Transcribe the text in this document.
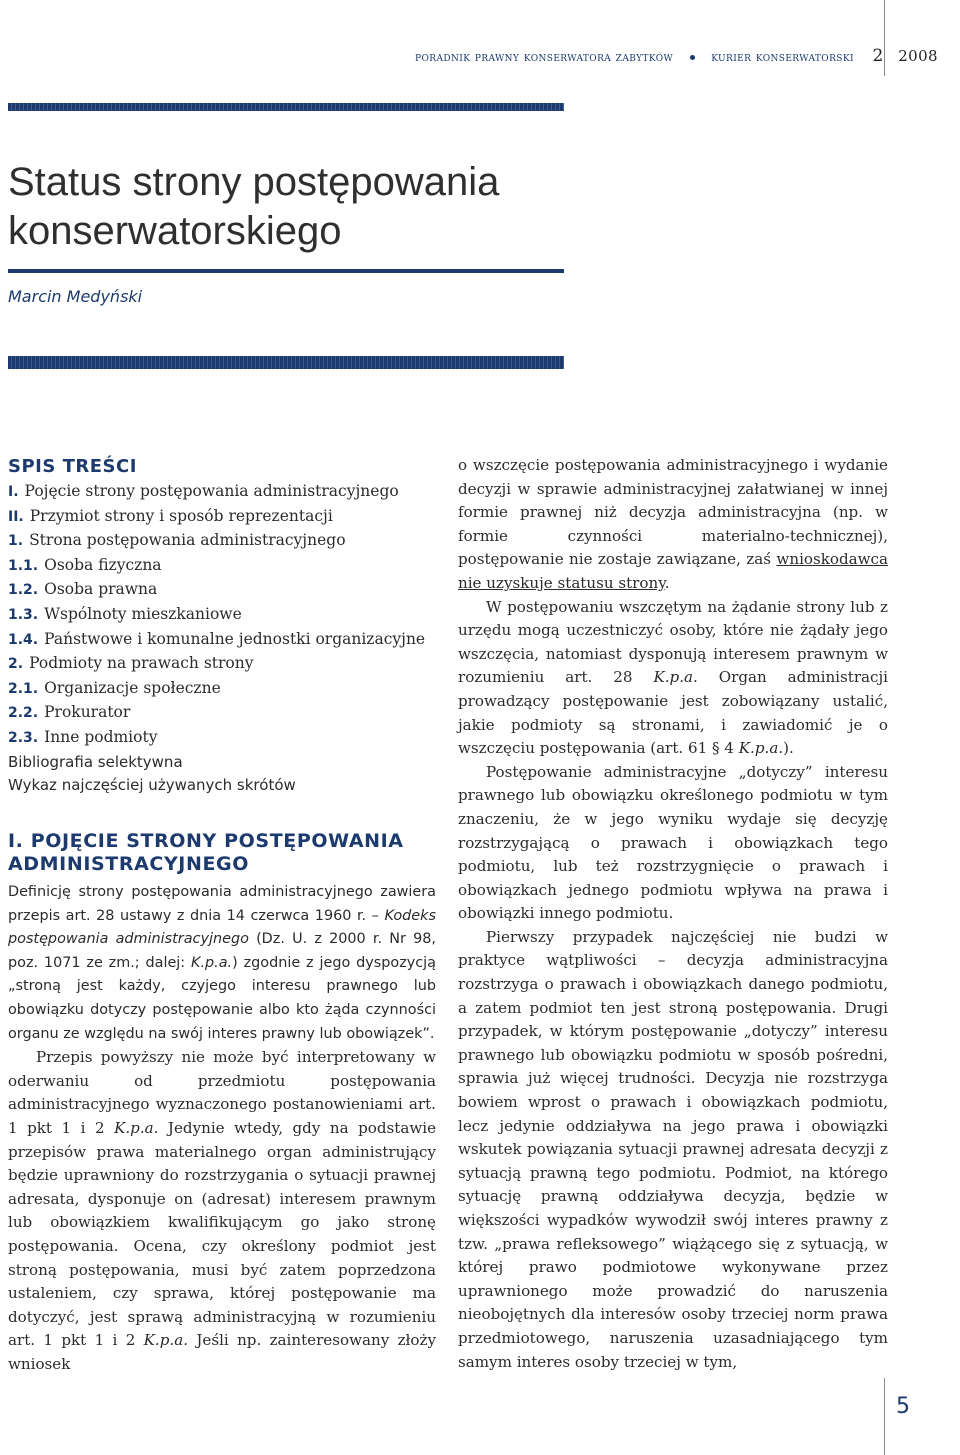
poradnik prawny konserwatora zabytków	kurier konserwatorski 2 2008
Status strony postępowania
konserwatorskiego
Marcin Medyński
SPIS TREŚCI
I. Pojęcie strony postępowania administracyjnego
II. Przymiot strony i sposób reprezentacji
1. Strona postępowania administracyjnego
1.1. Osoba fizyczna
1.2. Osoba prawna
1.3. Wspólnoty mieszkaniowe
1.4. Państwowe i komunalne jednostki organizacyjne
2. Podmioty na prawach strony
2.1. Organizacje społeczne
2.2. Prokurator
2.3. Inne podmioty
Bibliografia selektywna
Wykaz najczęściej używanych skrótów
I. POJĘCIE STRONY POSTĘPOWANIA
ADMINISTRACYJNEGO

Definicję strony postępowania administracyjnego zawiera przepis art. 28 ustawy z dnia 14 czerwca 1960 r. – Kodeks postępowania administracyjnego (Dz. U. z 2000 r. Nr 98, poz. 1071 ze zm.; dalej: K.p.a.) zgodnie z jego dyspozycją „stroną jest każdy, czyjego interesu prawnego lub obowiązku dotyczy postępowanie albo kto żąda czynności organu ze względu na swój interes prawny lub obowiązek”.

Przepis powyższy nie może być interpretowany w oderwaniu od przedmiotu postępowania administracyjnego wyznaczonego postanowieniami art. 1 pkt 1 i 2 K.p.a. Jedynie wtedy, gdy na podstawie przepisów prawa materialnego organ administrujący będzie uprawniony do rozstrzygania o sytuacji prawnej adresata, dysponuje on (adresat) interesem prawnym lub obowiązkiem kwalifikującym go jako stronę postępowania. Ocena, czy określony podmiot jest stroną postępowania, musi być zatem poprzedzona ustaleniem, czy sprawa, której postępowanie ma dotyczyć, jest sprawą administracyjną w rozumieniu art. 1 pkt 1 i 2 K.p.a. Jeśli np. zainteresowany złoży wniosek

o wszczęcie postępowania administracyjnego i wydanie decyzji w sprawie administracyjnej załatwianej w innej formie prawnej niż decyzja administracyjna (np. w formie czynności materialno-technicznej), postępowanie nie zostaje zawiązane, zaś wnioskodawca nie uzyskuje statusu strony.

W postępowaniu wszczętym na żądanie strony lub z urzędu mogą uczestniczyć osoby, które nie żądały jego wszczęcia, natomiast dysponują interesem prawnym w rozumieniu art. 28 K.p.a. Organ administracji prowadzący postępowanie jest zobowiązany ustalić, jakie podmioty są stronami, i zawiadomić je o wszczęciu postępowania (art. 61 § 4 K.p.a.).

Postępowanie administracyjne „dotyczy” interesu prawnego lub obowiązku określonego podmiotu w tym znaczeniu, że w jego wyniku wydaje się decyzję rozstrzygającą o prawach i obowiązkach tego podmiotu, lub też rozstrzygnięcie o prawach i obowiązkach jednego podmiotu wpływa na prawa i obowiązki innego podmiotu.

Pierwszy przypadek najczęściej nie budzi w praktyce wątpliwości – decyzja administracyjna rozstrzyga o prawach i obowiązkach danego podmiotu, a zatem podmiot ten jest stroną postępowania. Drugi przypadek, w którym postępowanie „dotyczy” interesu prawnego lub obowiązku podmiotu w sposób pośredni, sprawia już więcej trudności. Decyzja nie rozstrzyga bowiem wprost o prawach i obowiązkach podmiotu, lecz jedynie oddziaływa na jego prawa i obowiązki wskutek powiązania sytuacji prawnej adresata decyzji z sytuacją prawną tego podmiotu. Podmiot, na którego sytuację prawną oddziaływa decyzja, będzie w większości wypadków wywodził swój interes prawny z tzw. „prawa refleksowego” wiążącego się z sytuacją, w której prawo podmiotowe wykonywane przez uprawnionego może prowadzić do naruszenia nieobojętnych dla interesów osoby trzeciej norm prawa przedmiotowego, naruszenia uzasadniającego tym samym interes osoby trzeciej w tym,

5
